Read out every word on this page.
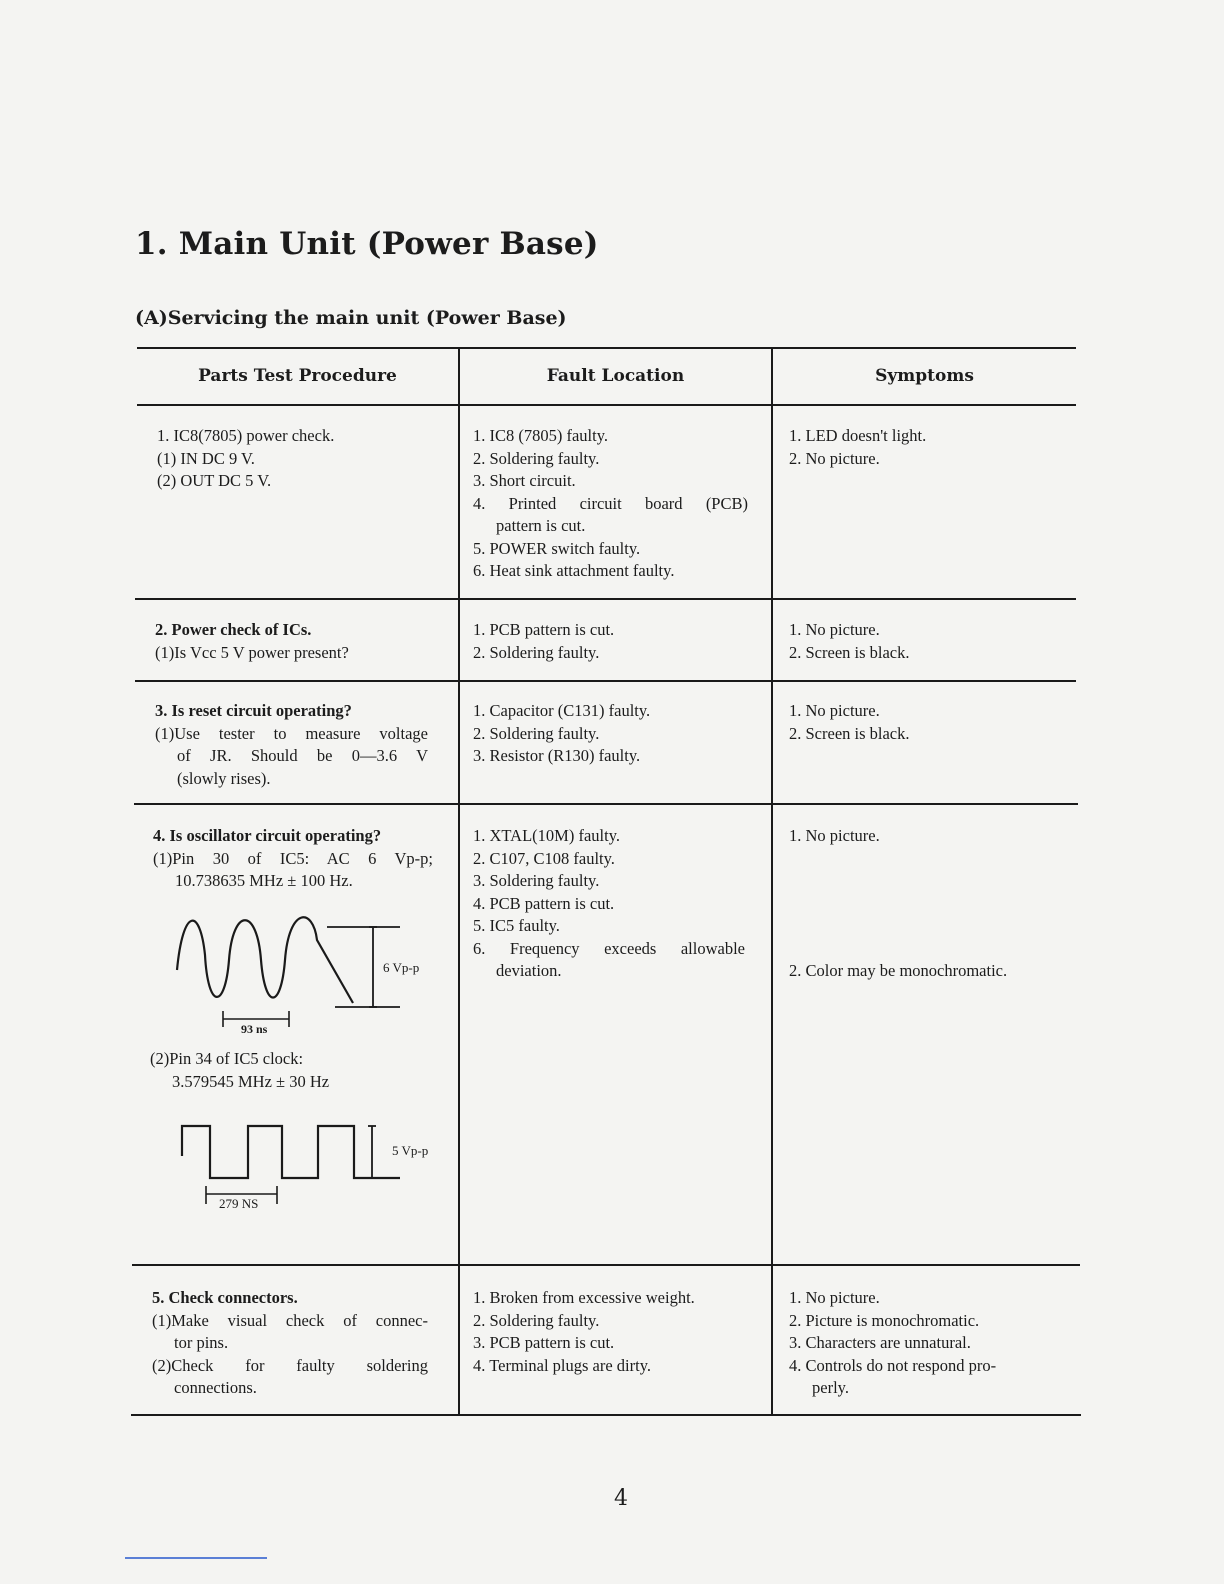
1. Main Unit (Power Base)
(A)Servicing the main unit (Power Base)
Parts Test Procedure	Fault Location	Symptoms
1. IC8(7805) power check.
(1) IN DC 9 V.
(2) OUT DC 5 V.
1. IC8 (7805) faulty.
2. Soldering faulty.
3. Short circuit.
4. Printed circuit board (PCB)
pattern is cut.
5. POWER switch faulty.
6. Heat sink attachment faulty.
1. LED doesn't light.
2. No picture.
2. Power check of ICs.
(1)Is Vcc 5 V power present?
1. PCB pattern is cut.
2. Soldering faulty.
1. No picture.
2. Screen is black.
3. Is reset circuit operating?
(1)Use tester to measure voltage
of JR. Should be 0—3.6 V
(slowly rises).
1. Capacitor (C131) faulty.
2. Soldering faulty.
3. Resistor (R130) faulty.
1. No picture.
2. Screen is black.
4. Is oscillator circuit operating?
(1)Pin 30 of IC5: AC 6 Vp-p;
10.738635 MHz ± 100 Hz.
(2)Pin 34 of IC5 clock:
3.579545 MHz ± 30 Hz
6 Vp-p
93 ns
5 Vp-p
279 NS
1. XTAL(10M) faulty.
2. C107, C108 faulty.
3. Soldering faulty.
4. PCB pattern is cut.
5. IC5 faulty.
6. Frequency exceeds allowable
deviation.
1. No picture.
2. Color may be monochromatic.
5. Check connectors.
(1)Make visual check of connec-
tor pins.
(2)Check for faulty soldering
connections.
1. Broken from excessive weight.
2. Soldering faulty.
3. PCB pattern is cut.
4. Terminal plugs are dirty.
1. No picture.
2. Picture is monochromatic.
3. Characters are unnatural.
4. Controls do not respond pro-
perly.
4
